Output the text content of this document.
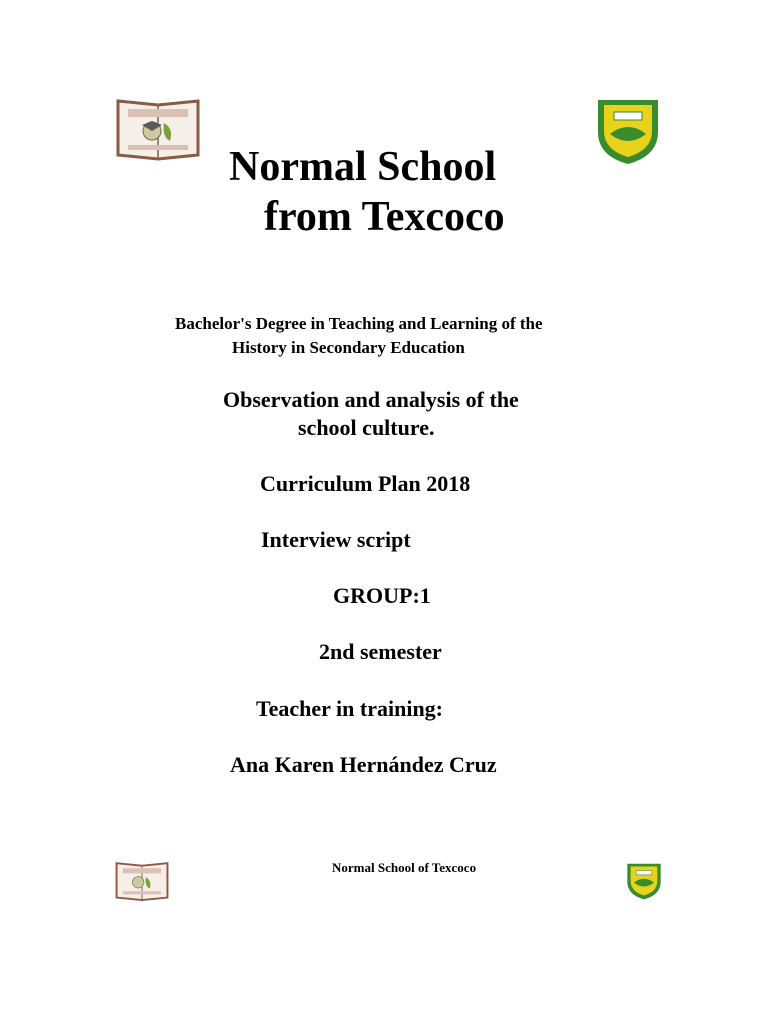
Normal School
from Texcoco
Bachelor's Degree in Teaching and Learning of the
History in Secondary Education
Observation and analysis of the
school culture.
Curriculum Plan 2018
Interview script
GROUP:1
2nd semester
Teacher in training:
Ana Karen Hernández Cruz
Normal School of Texcoco
